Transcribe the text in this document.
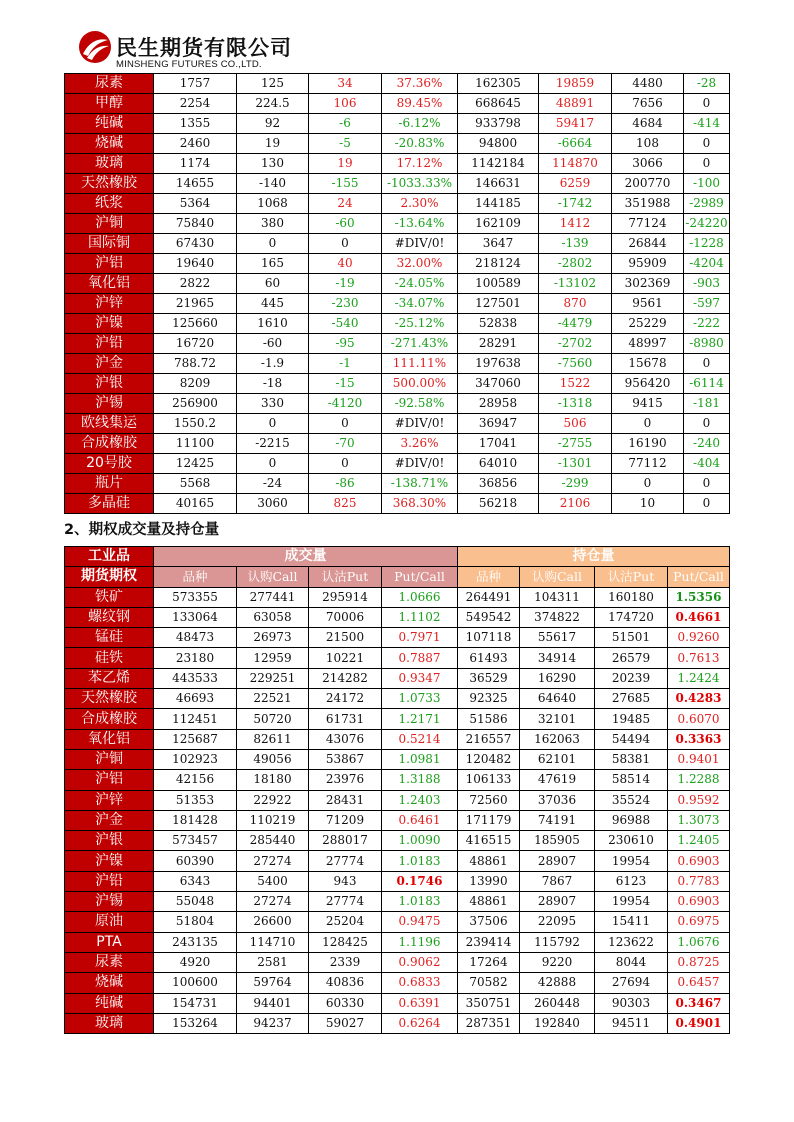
民生期货有限公司
MINSHENG FUTURES CO.,LTD.
尿素	1757	125	34	37.36%	162305	19859	4480	-28
甲醇	2254	224.5	106	89.45%	668645	48891	7656	0
纯碱	1355	92	-6	-6.12%	933798	59417	4684	-414
烧碱	2460	19	-5	-20.83%	94800	-6664	108	0
玻璃	1174	130	19	17.12%	1142184	114870	3066	0
天然橡胶	14655	-140	-155	-1033.33%	146631	6259	200770	-100
纸浆	5364	1068	24	2.30%	144185	-1742	351988	-2989
沪铜	75840	380	-60	-13.64%	162109	1412	77124	-24220
国际铜	67430	0	0	#DIV/0!	3647	-139	26844	-1228
沪铝	19640	165	40	32.00%	218124	-2802	95909	-4204
氧化铝	2822	60	-19	-24.05%	100589	-13102	302369	-903
沪锌	21965	445	-230	-34.07%	127501	870	9561	-597
沪镍	125660	1610	-540	-25.12%	52838	-4479	25229	-222
沪铅	16720	-60	-95	-271.43%	28291	-2702	48997	-8980
沪金	788.72	-1.9	-1	111.11%	197638	-7560	15678	0
沪银	8209	-18	-15	500.00%	347060	1522	956420	-6114
沪锡	256900	330	-4120	-92.58%	28958	-1318	9415	-181
欧线集运	1550.2	0	0	#DIV/0!	36947	506	0	0
合成橡胶	11100	-2215	-70	3.26%	17041	-2755	16190	-240
20号胶	12425	0	0	#DIV/0!	64010	-1301	77112	-404
瓶片	5568	-24	-86	-138.71%	36856	-299	0	0
多晶硅	40165	3060	825	368.30%	56218	2106	10	0
2、期权成交量及持仓量
工业品	成交量				持仓量			
期货期权	品种	认购Call	认沽Put	Put/Call	品种	认购Call	认沽Put	Put/Call
铁矿	573355	277441	295914	1.0666	264491	104311	160180	1.5356
螺纹钢	133064	63058	70006	1.1102	549542	374822	174720	0.4661
锰硅	48473	26973	21500	0.7971	107118	55617	51501	0.9260
硅铁	23180	12959	10221	0.7887	61493	34914	26579	0.7613
苯乙烯	443533	229251	214282	0.9347	36529	16290	20239	1.2424
天然橡胶	46693	22521	24172	1.0733	92325	64640	27685	0.4283
合成橡胶	112451	50720	61731	1.2171	51586	32101	19485	0.6070
氧化铝	125687	82611	43076	0.5214	216557	162063	54494	0.3363
沪铜	102923	49056	53867	1.0981	120482	62101	58381	0.9401
沪铝	42156	18180	23976	1.3188	106133	47619	58514	1.2288
沪锌	51353	22922	28431	1.2403	72560	37036	35524	0.9592
沪金	181428	110219	71209	0.6461	171179	74191	96988	1.3073
沪银	573457	285440	288017	1.0090	416515	185905	230610	1.2405
沪镍	60390	27274	27774	1.0183	48861	28907	19954	0.6903
沪铅	6343	5400	943	0.1746	13990	7867	6123	0.7783
沪锡	55048	27274	27774	1.0183	48861	28907	19954	0.6903
原油	51804	26600	25204	0.9475	37506	22095	15411	0.6975
PTA	243135	114710	128425	1.1196	239414	115792	123622	1.0676
尿素	4920	2581	2339	0.9062	17264	9220	8044	0.8725
烧碱	100600	59764	40836	0.6833	70582	42888	27694	0.6457
纯碱	154731	94401	60330	0.6391	350751	260448	90303	0.3467
玻璃	153264	94237	59027	0.6264	287351	192840	94511	0.4901
